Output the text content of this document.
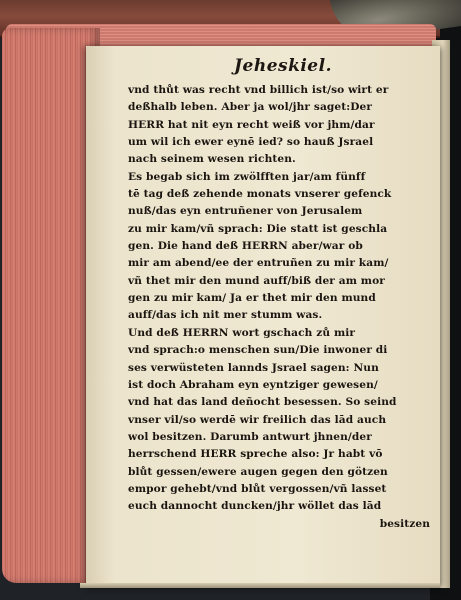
Jeheskiel.
vnd thůt was recht vnd billich ist/so wirt er
deßhalb leben. Aber ja wol/jhr saget:Der
HERR hat nit eyn recht weiß vor jhm/dar
um wil ich ewer eynē ied? so hauß Jsrael
nach seinem wesen richten.
Es begab sich im zwölfften jar/am fünff
tē tag deß zehende monats vnserer gefenck
nuß/das eyn entruñener von Jerusalem
zu mir kam/vñ sprach: Die statt ist geschla
gen. Die hand deß HERRN aber/war ob
mir am abend/ee der entruñen zu mir kam/
vñ thet mir den mund auff/biß der am mor
gen zu mir kam/ Ja er thet mir den mund
auff/das ich nit mer stumm was.
Und deß HERRN wort gschach zů mir
vnd sprach:o menschen sun/Die inwoner di
ses verwüsteten lannds Jsrael sagen: Nun
ist doch Abraham eyn eyntziger gewesen/
vnd hat das land deñocht besessen. So seind
vnser vil/so werdē wir freilich das lād auch
wol besitzen. Darumb antwurt jhnen/der
herrschend HERR spreche also: Jr habt vō
blůt gessen/ewere augen gegen den götzen
empor gehebt/vnd blůt vergossen/vñ lasset
euch dannocht duncken/jhr wöllet das lād
besitzen
